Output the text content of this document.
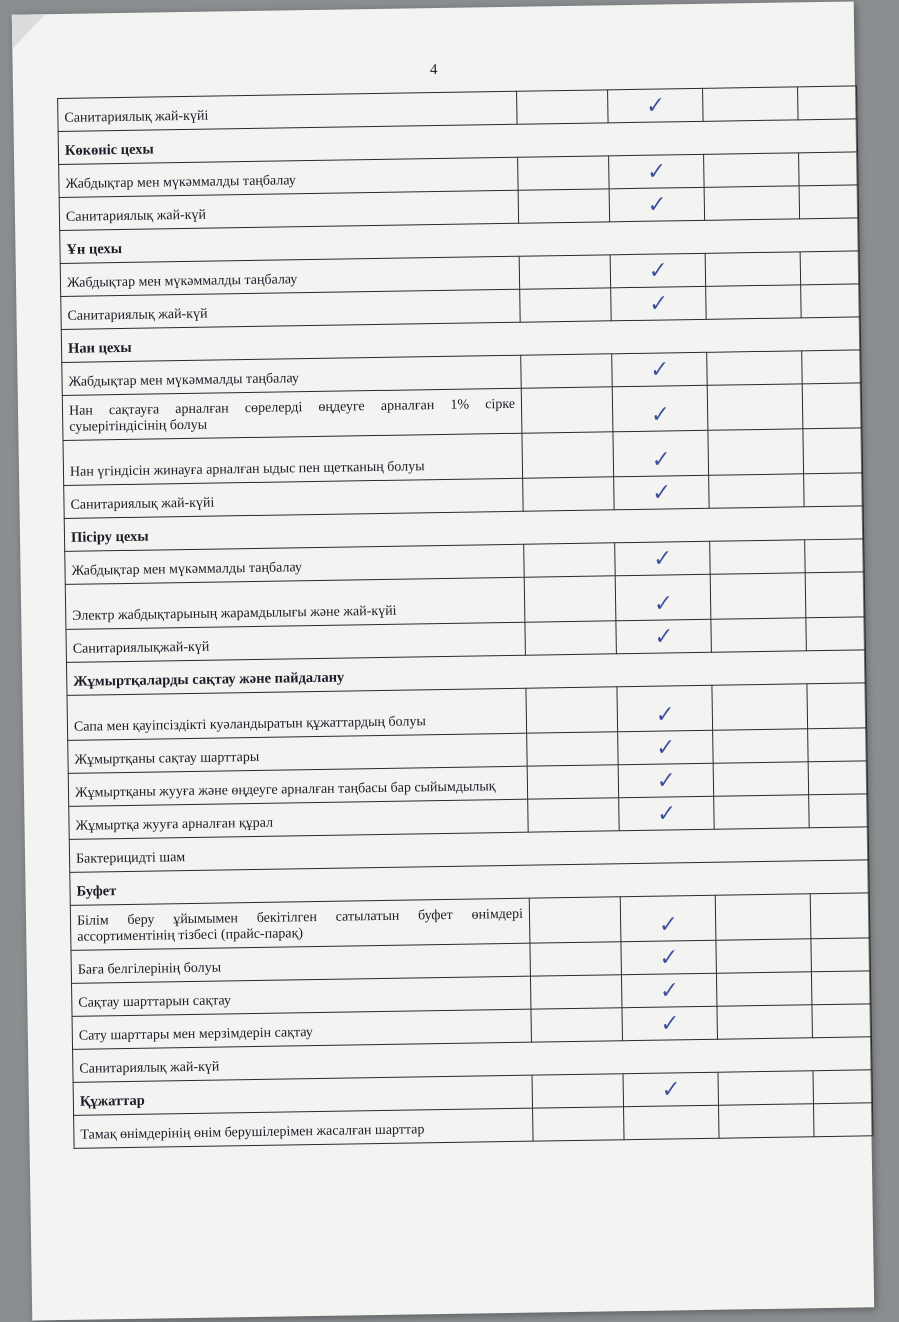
4
Санитариялық жай-күйі		✓		
Көкөніс цехы				
Жабдықтар мен мүкәммалды таңбалау		✓		
Санитариялық жай-күй		✓		
Ұн цехы				
Жабдықтар мен мүкәммалды таңбалау		✓		
Санитариялық жай-күй		✓		
Нан цехы				
Жабдықтар мен мүкәммалды таңбалау		✓		
Нан сақтауға арналған сөрелерді өңдеуге арналған 1% сірке суыерітіндісінің болуы		✓		
Нан үгіндісін жинауға арналған ыдыс пен щетканың болуы		✓		
Санитариялық жай-күйі		✓		
Пісіру цехы				
Жабдықтар мен мүкәммалды таңбалау		✓		
Электр жабдықтарының жарамдылығы және жай-күйі		✓		
Санитариялықжай-күй		✓		
Жұмыртқаларды сақтау және пайдалану				
Сапа мен қауіпсіздікті куәландыратын құжаттардың болуы		✓		
Жұмыртқаны сақтау шарттары		✓		
Жұмыртқаны жууға және өңдеуге арналған таңбасы бар сыйымдылық		✓		
Жұмыртқа жууға арналған құрал		✓		
Бактерицидті шам				
Буфет				
Білім беру ұйымымен бекітілген сатылатын буфет өнімдері ассортиментінің тізбесі (прайс-парақ)		✓		
Баға белгілерінің болуы		✓		
Сақтау шарттарын сақтау		✓		
Сату шарттары мен мерзімдерін сақтау		✓		
Санитариялық жай-күй				
Құжаттар		✓		
Тамақ өнімдерінің өнім берушілерімен жасалған шарттар				
